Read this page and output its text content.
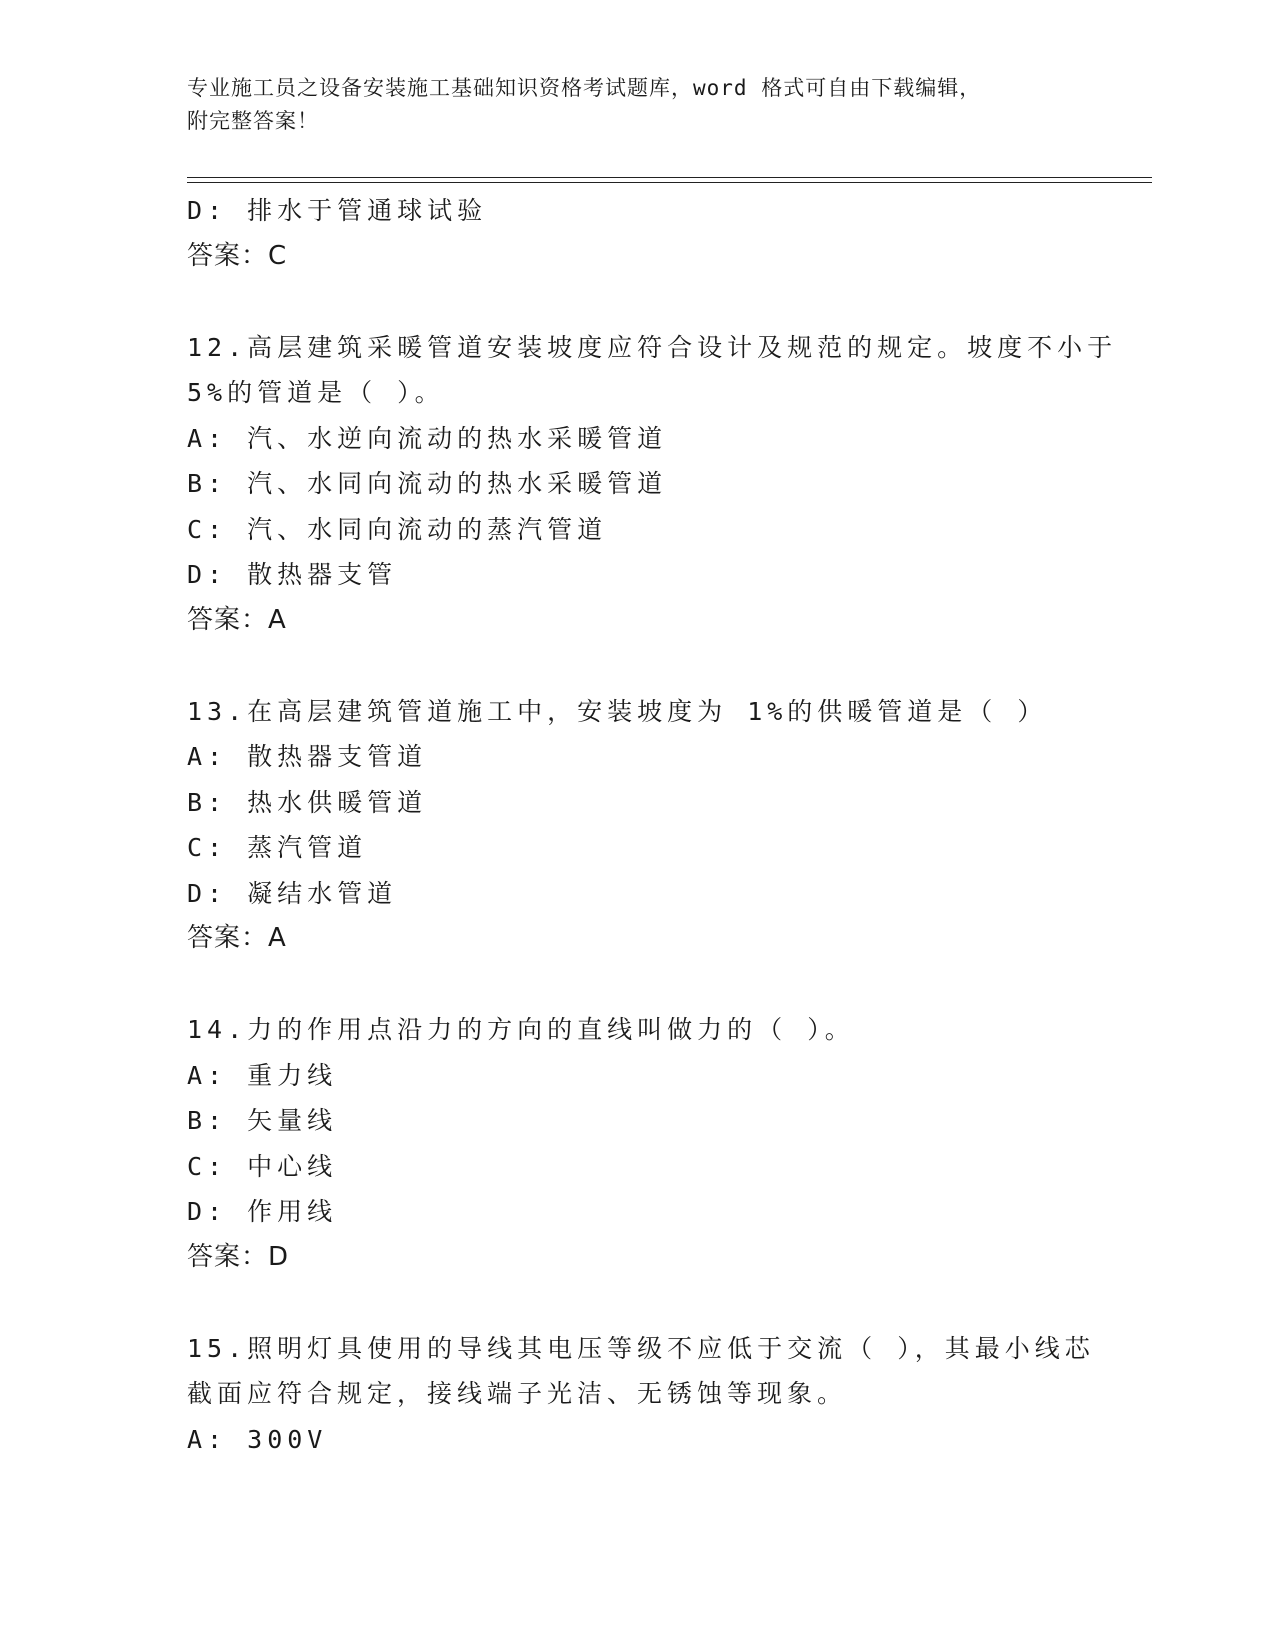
专业施工员之设备安装施工基础知识资格考试题库，word 格式可自由下载编辑，
附完整答案！
D: 排水于管通球试验
答案：C
12.高层建筑采暖管道安装坡度应符合设计及规范的规定。坡度不小于
5%的管道是（ ）。
A: 汽、水逆向流动的热水采暖管道
B: 汽、水同向流动的热水采暖管道
C: 汽、水同向流动的蒸汽管道
D: 散热器支管
答案：A
13.在高层建筑管道施工中，安装坡度为 1%的供暖管道是（ ）
A: 散热器支管道
B: 热水供暖管道
C: 蒸汽管道
D: 凝结水管道
答案：A
14.力的作用点沿力的方向的直线叫做力的（ ）。
A: 重力线
B: 矢量线
C: 中心线
D: 作用线
答案：D
15.照明灯具使用的导线其电压等级不应低于交流（ ），其最小线芯
截面应符合规定，接线端子光洁、无锈蚀等现象。
A: 300V
